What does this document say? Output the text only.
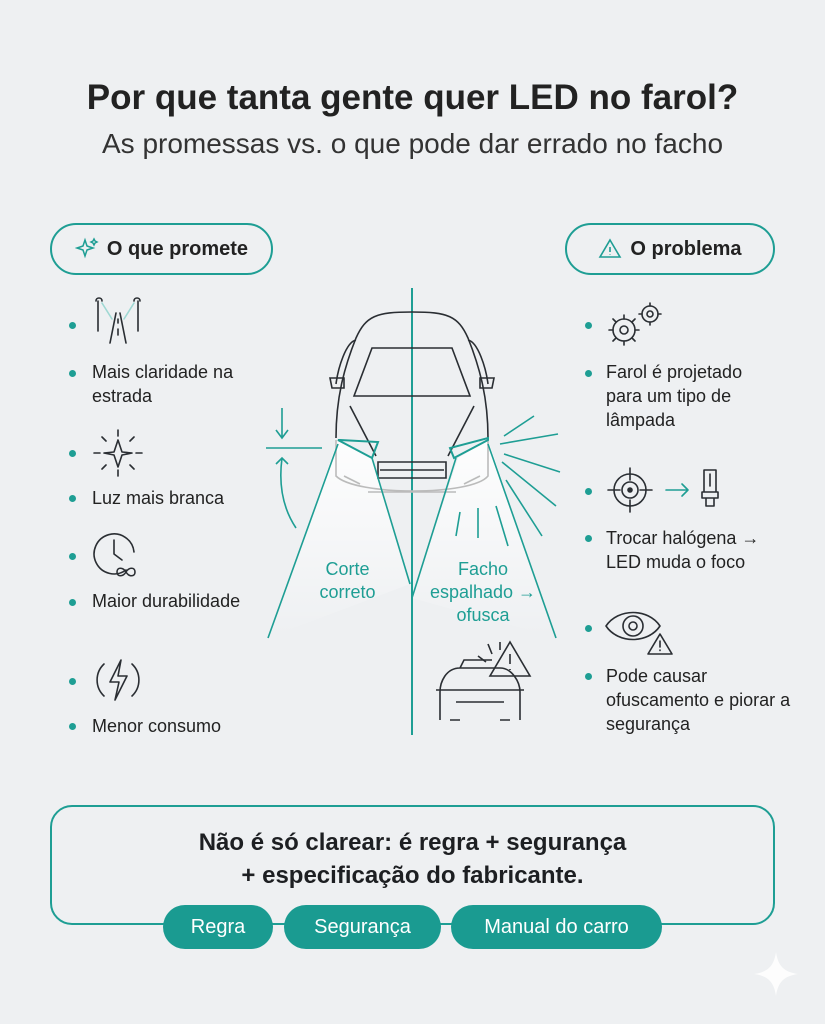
Por que tanta gente quer LED no farol?
As promessas vs. o que pode dar errado no facho
O que promete	O problema
Mais claridade na estrada
Luz mais branca
Maior durabilidade
Menor consumo
Farol é projetado para um tipo de lâmpada
Trocar halógena → LED muda o foco
Pode causar ofuscamento e piorar a segurança
Corte correto
Facho espalhado → ofusca
Não é só clarear: é regra + segurança
+ especificação do fabricante.
Regra	Segurança	Manual do carro
